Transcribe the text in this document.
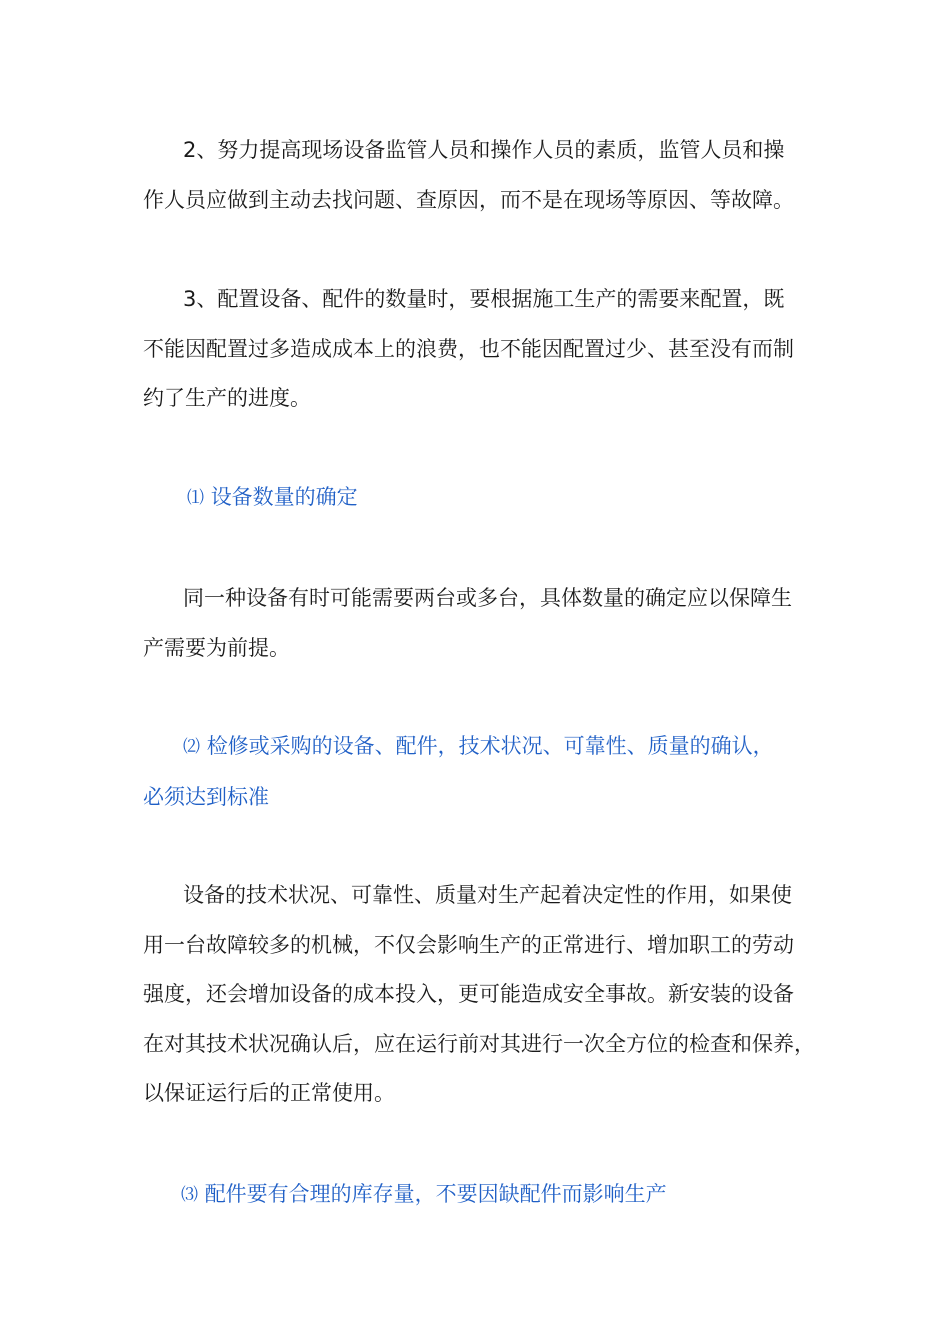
2、努力提高现场设备监管人员和操作人员的素质，监管人员和操
作人员应做到主动去找问题、查原因，而不是在现场等原因、等故障。

3、配置设备、配件的数量时，要根据施工生产的需要来配置，既
不能因配置过多造成成本上的浪费，也不能因配置过少、甚至没有而制
约了生产的进度。

⑴ 设备数量的确定

同一种设备有时可能需要两台或多台，具体数量的确定应以保障生
产需要为前提。

⑵ 检修或采购的设备、配件，技术状况、可靠性、质量的确认，
必须达到标准

设备的技术状况、可靠性、质量对生产起着决定性的作用，如果使
用一台故障较多的机械，不仅会影响生产的正常进行、增加职工的劳动
强度，还会增加设备的成本投入，更可能造成安全事故。新安装的设备
在对其技术状况确认后，应在运行前对其进行一次全方位的检查和保养，
以保证运行后的正常使用。

⑶ 配件要有合理的库存量，不要因缺配件而影响生产
